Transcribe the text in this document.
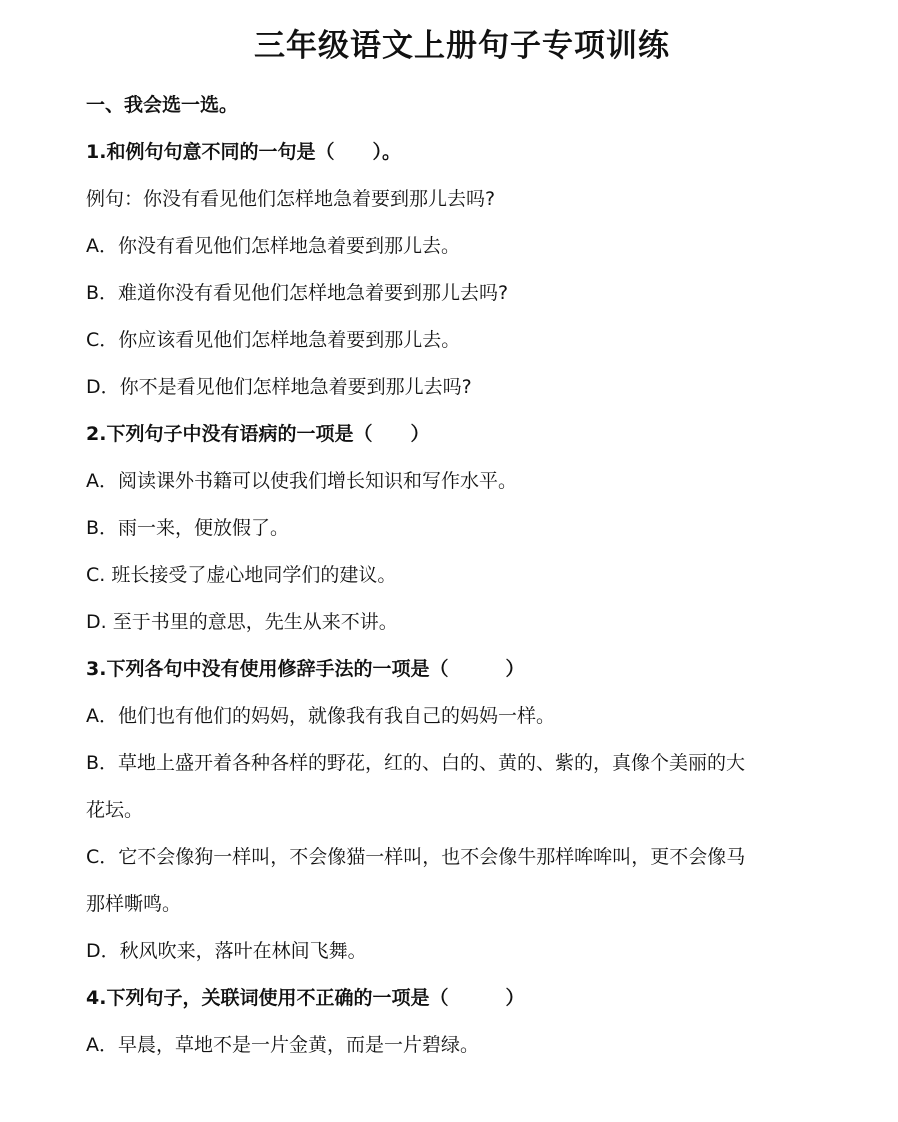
三年级语文上册句子专项训练
一、我会选一选。
1.和例句句意不同的一句是（　　）。
例句：你没有看见他们怎样地急着要到那儿去吗?
A．你没有看见他们怎样地急着要到那儿去。
B．难道你没有看见他们怎样地急着要到那儿去吗?
C．你应该看见他们怎样地急着要到那儿去。
D．你不是看见他们怎样地急着要到那儿去吗?
2.下列句子中没有语病的一项是（　　）
A．阅读课外书籍可以使我们增长知识和写作水平。
B．雨一来，便放假了。
C. 班长接受了虚心地同学们的建议。
D. 至于书里的意思，先生从来不讲。
3.下列各句中没有使用修辞手法的一项是（　　　）
A．他们也有他们的妈妈，就像我有我自己的妈妈一样。
B．草地上盛开着各种各样的野花，红的、白的、黄的、紫的，真像个美丽的大
花坛。
C．它不会像狗一样叫，不会像猫一样叫，也不会像牛那样哞哞叫，更不会像马
那样嘶鸣。
D．秋风吹来，落叶在林间飞舞。
4.下列句子，关联词使用不正确的一项是（　　　）
A．早晨，草地不是一片金黄，而是一片碧绿。
